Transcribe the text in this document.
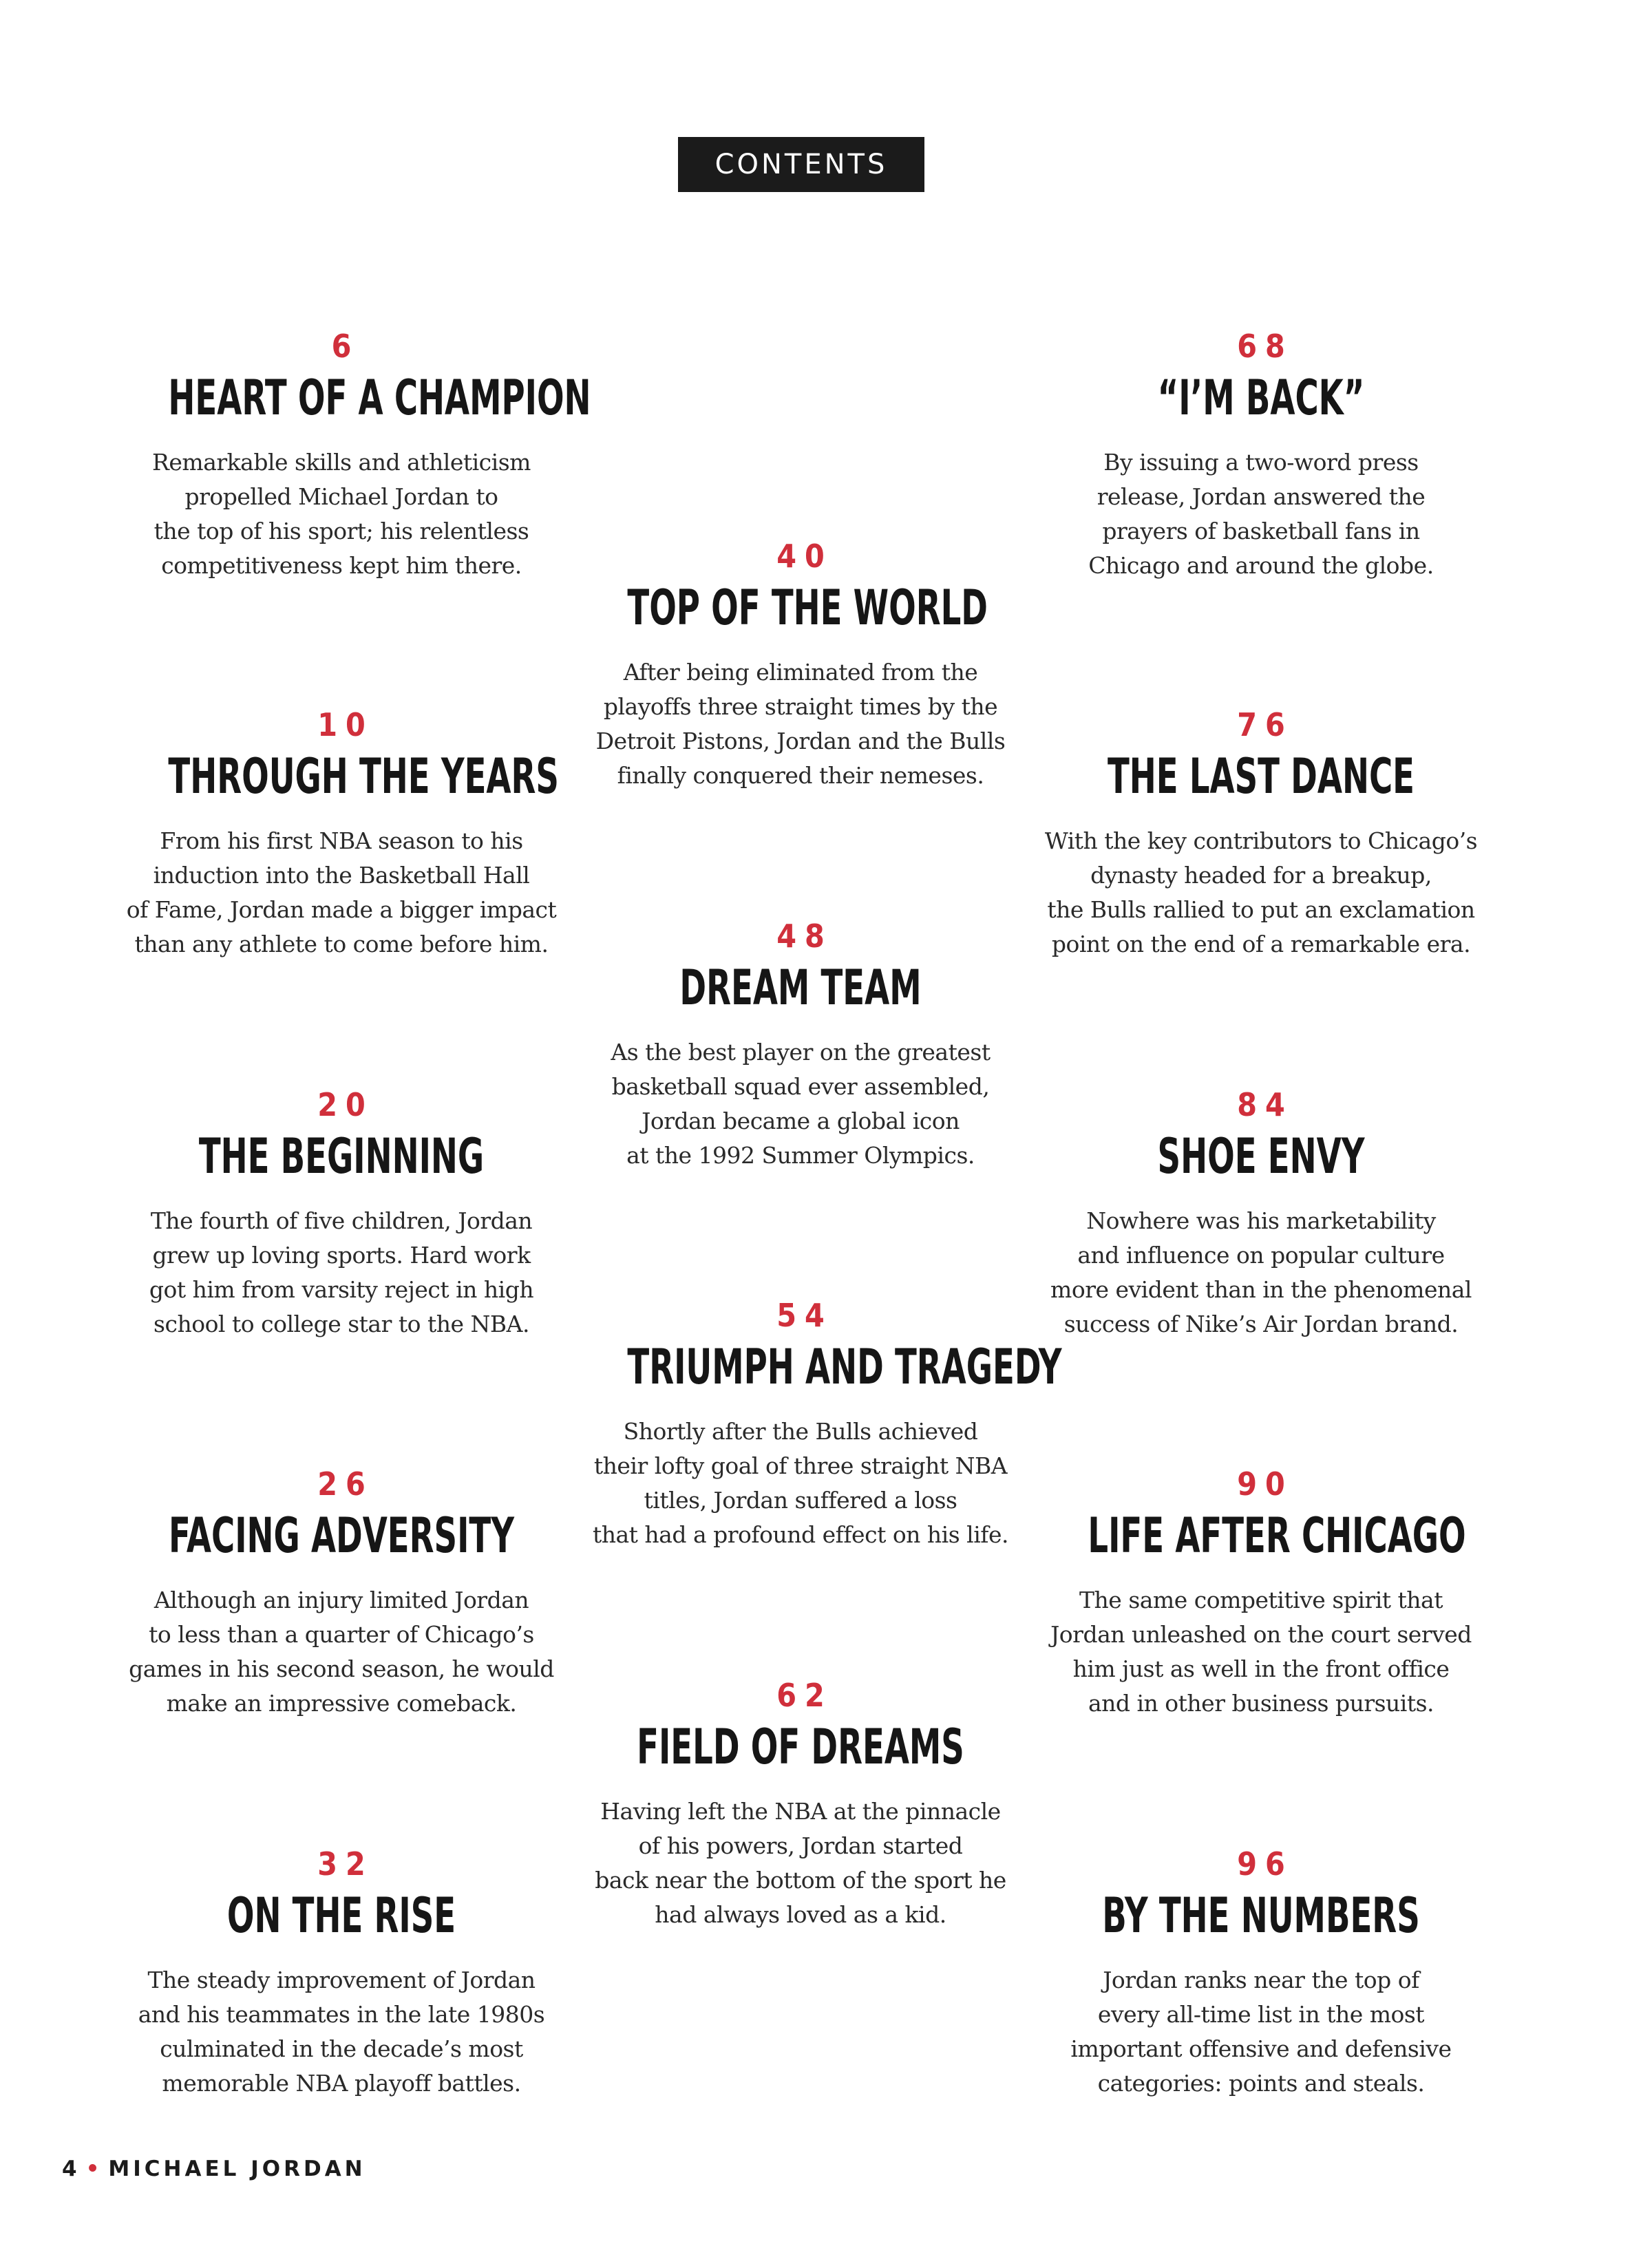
CONTENTS
6
HEART OF A CHAMPION
Remarkable skills and athleticism
propelled Michael Jordan to
the top of his sport; his relentless
competitiveness kept him there.
10
THROUGH THE YEARS
From his first NBA season to his
induction into the Basketball Hall
of Fame, Jordan made a bigger impact
than any athlete to come before him.
20
THE BEGINNING
The fourth of five children, Jordan
grew up loving sports. Hard work
got him from varsity reject in high
school to college star to the NBA.
26
FACING ADVERSITY
Although an injury limited Jordan
to less than a quarter of Chicago’s
games in his second season, he would
make an impressive comeback.
32
ON THE RISE
The steady improvement of Jordan
and his teammates in the late 1980s
culminated in the decade’s most
memorable NBA playoff battles.
40
TOP OF THE WORLD
After being eliminated from the
playoffs three straight times by the
Detroit Pistons, Jordan and the Bulls
finally conquered their nemeses.
48
DREAM TEAM
As the best player on the greatest
basketball squad ever assembled,
Jordan became a global icon
at the 1992 Summer Olympics.
54
TRIUMPH AND TRAGEDY
Shortly after the Bulls achieved
their lofty goal of three straight NBA
titles, Jordan suffered a loss
that had a profound effect on his life.
62
FIELD OF DREAMS
Having left the NBA at the pinnacle
of his powers, Jordan started
back near the bottom of the sport he
had always loved as a kid.
68
“I’M BACK”
By issuing a two-word press
release, Jordan answered the
prayers of basketball fans in
Chicago and around the globe.
76
THE LAST DANCE
With the key contributors to Chicago’s
dynasty headed for a breakup,
the Bulls rallied to put an exclamation
point on the end of a remarkable era.
84
SHOE ENVY
Nowhere was his marketability
and influence on popular culture
more evident than in the phenomenal
success of Nike’s Air Jordan brand.
90
LIFE AFTER CHICAGO
The same competitive spirit that
Jordan unleashed on the court served
him just as well in the front office
and in other business pursuits.
96
BY THE NUMBERS
Jordan ranks near the top of
every all-time list in the most
important offensive and defensive
categories: points and steals.
4 • MICHAEL JORDAN
